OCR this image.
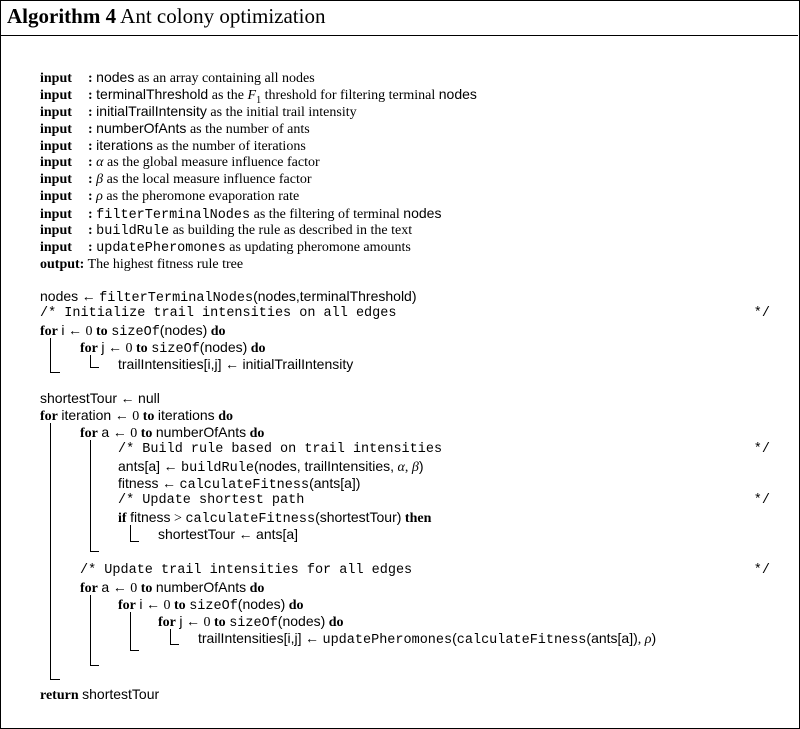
Algorithm 4 Ant colony optimization
input : nodes as an array containing all nodes
input : terminalThreshold as the $F_1$ threshold for filtering terminal nodes
input : initialTrailIntensity as the initial trail intensity
input : numberOfAnts as the number of ants
input : iterations as the number of iterations
input : α as the global measure influence factor
input : β as the local measure influence factor
input : ρ as the pheromone evaporation rate
input : filterTerminalNodes as the filtering of terminal nodes
input : buildRule as building the rule as described in the text
input : updatePheromones as updating pheromone amounts
output: The highest fitness rule tree
nodes ← filterTerminalNodes(nodes,terminalThreshold)
/* Initialize trail intensities on all edges	*/
for i ← 0 to sizeOf(nodes) do
for j ← 0 to sizeOf(nodes) do
trailIntensities[i,j] ← initialTrailIntensity
shortestTour ← null
for iteration ← 0 to iterations do
for a ← 0 to numberOfAnts do
/* Build rule based on trail intensities	*/
ants[a] ← buildRule(nodes, trailIntensities, α, β)
fitness ← calculateFitness(ants[a])
/* Update shortest path	*/
if fitness > calculateFitness(shortestTour) then
shortestTour ← ants[a]
/* Update trail intensities for all edges	*/
for a ← 0 to numberOfAnts do
for i ← 0 to sizeOf(nodes) do
for j ← 0 to sizeOf(nodes) do
trailIntensities[i,j] ← updatePheromones(calculateFitness(ants[a]), ρ)
return shortestTour
